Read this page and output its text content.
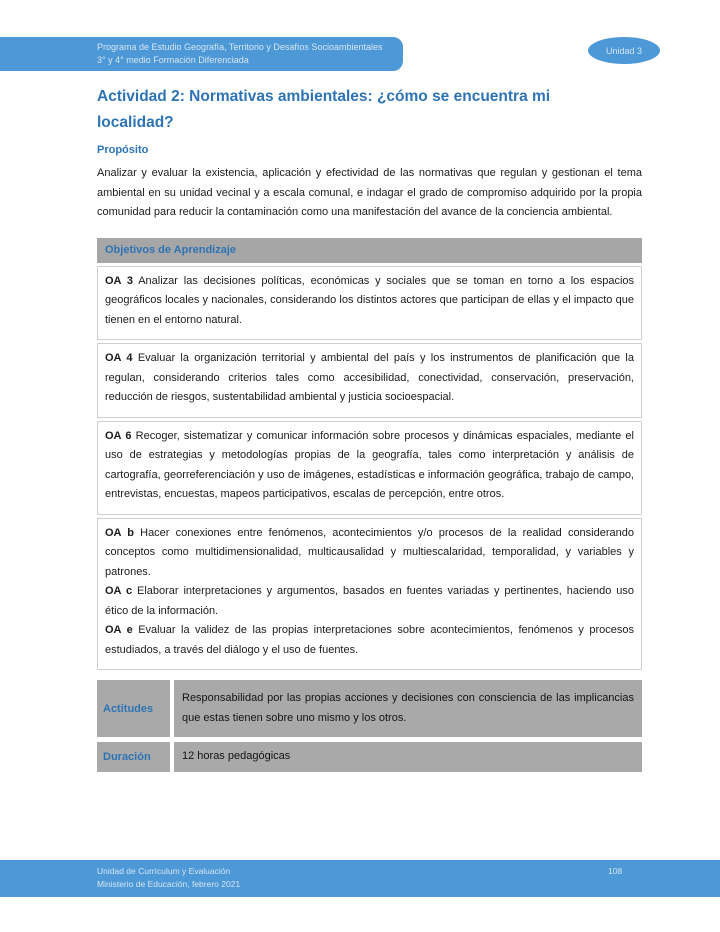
Programa de Estudio Geografía, Territorio y Desafíos Socioambientales
3° y 4° medio Formación Diferenciada
Unidad 3
Actividad 2: Normativas ambientales: ¿cómo se encuentra mi localidad?
Propósito

Analizar y evaluar la existencia, aplicación y efectividad de las normativas que regulan y gestionan el tema ambiental en su unidad vecinal y a escala comunal, e indagar el grado de compromiso adquirido por la propia comunidad para reducir la contaminación como una manifestación del avance de la conciencia ambiental.

Objetivos de Aprendizaje

OA 3 Analizar las decisiones políticas, económicas y sociales que se toman en torno a los espacios geográficos locales y nacionales, considerando los distintos actores que participan de ellas y el impacto que tienen en el entorno natural.

OA 4 Evaluar la organización territorial y ambiental del país y los instrumentos de planificación que la regulan, considerando criterios tales como accesibilidad, conectividad, conservación, preservación, reducción de riesgos, sustentabilidad ambiental y justicia socioespacial.

OA 6 Recoger, sistematizar y comunicar información sobre procesos y dinámicas espaciales, mediante el uso de estrategias y metodologías propias de la geografía, tales como interpretación y análisis de cartografía, georreferenciación y uso de imágenes, estadísticas e información geográfica, trabajo de campo, entrevistas, encuestas, mapeos participativos, escalas de percepción, entre otros.

OA b Hacer conexiones entre fenómenos, acontecimientos y/o procesos de la realidad considerando conceptos como multidimensionalidad, multicausalidad y multiescalaridad, temporalidad, y variables y patrones.

OA c Elaborar interpretaciones y argumentos, basados en fuentes variadas y pertinentes, haciendo uso ético de la información.

OA e Evaluar la validez de las propias interpretaciones sobre acontecimientos, fenómenos y procesos estudiados, a través del diálogo y el uso de fuentes.

Actitudes
Responsabilidad por las propias acciones y decisiones con consciencia de las implicancias que estas tienen sobre uno mismo y los otros.
Duración	12 horas pedagógicas
Unidad de Currículum y Evaluación
Ministerio de Educación, febrero 2021
108
